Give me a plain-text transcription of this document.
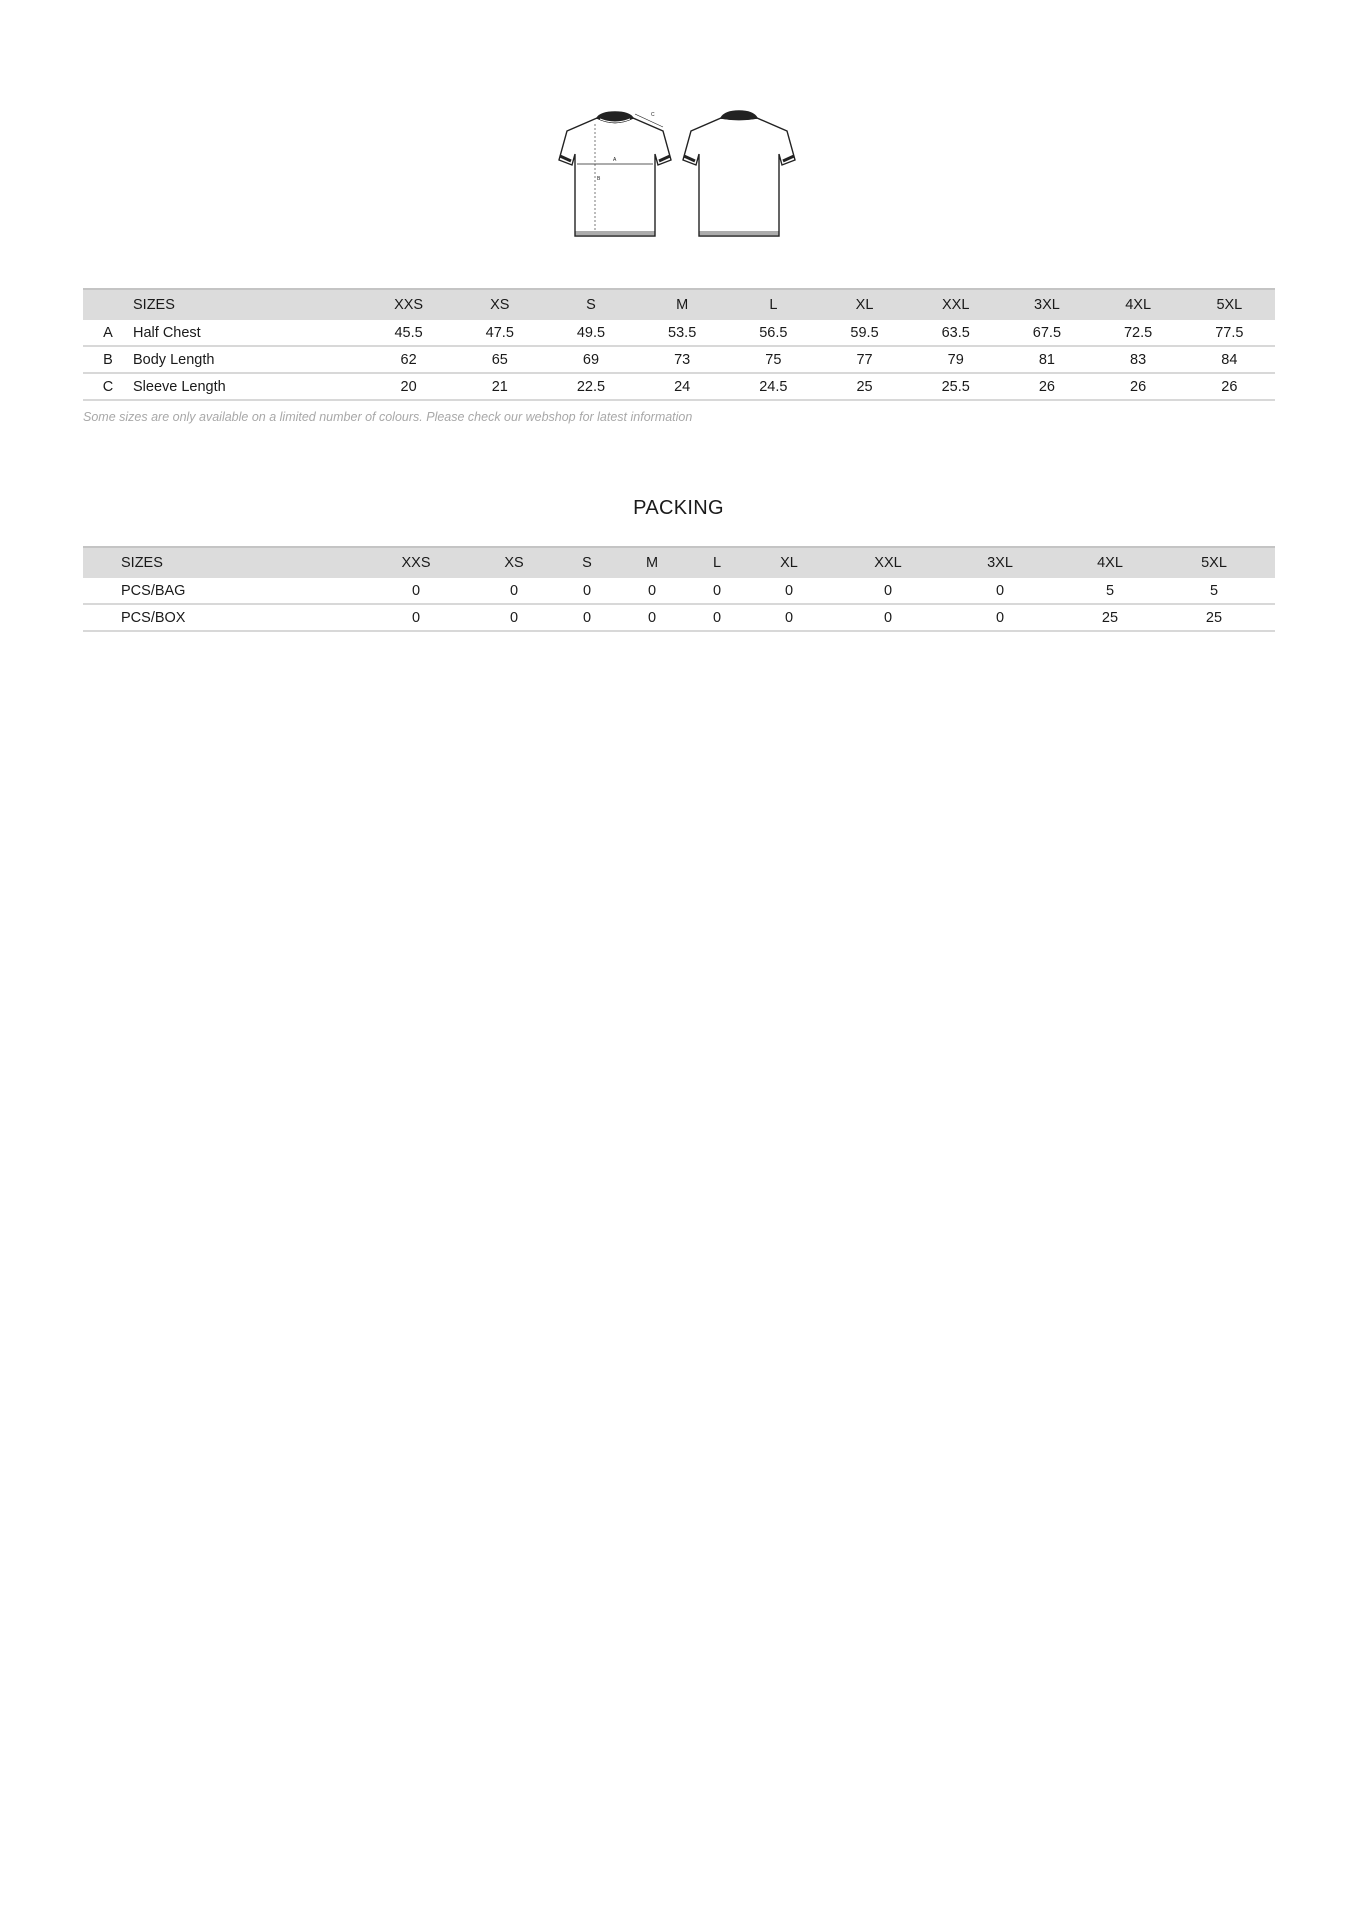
A
B
C
	SIZES	XXS	XS	S	M	L	XL	XXL	3XL	4XL	5XL
A	Half Chest	45.5	47.5	49.5	53.5	56.5	59.5	63.5	67.5	72.5	77.5
B	Body Length	62	65	69	73	75	77	79	81	83	84
C	Sleeve Length	20	21	22.5	24	24.5	25	25.5	26	26	26
Some sizes are only available on a limited number of colours. Please check our webshop for latest information
PACKING
	SIZES	XXS	XS	S	M	L	XL	XXL	3XL	4XL	5XL
	PCS/BAG	0	0	0	0	0	0	0	0	5	5
	PCS/BOX	0	0	0	0	0	0	0	0	25	25
